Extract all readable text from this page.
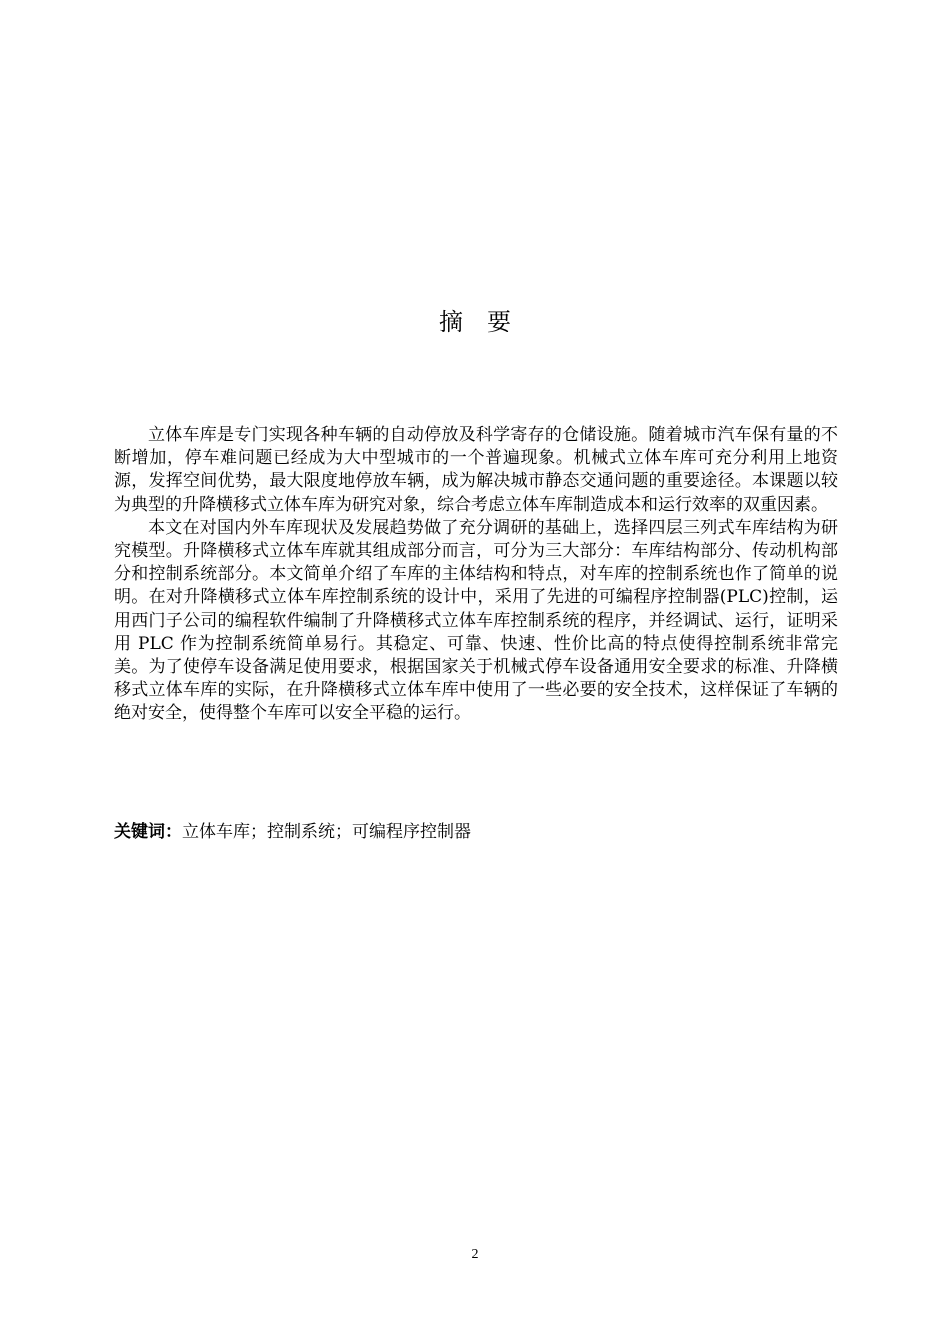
摘要

立体车库是专门实现各种车辆的自动停放及科学寄存的仓储设施。随着城市汽车保有量的不断增加，停车难问题已经成为大中型城市的一个普遍现象。机械式立体车库可充分利用上地资源，发挥空间优势，最大限度地停放车辆，成为解决城市静态交通问题的重要途径。本课题以较为典型的升降横移式立体车库为研究对象，综合考虑立体车库制造成本和运行效率的双重因素。

本文在对国内外车库现状及发展趋势做了充分调研的基础上，选择四层三列式车库结构为研究模型。升降横移式立体车库就其组成部分而言，可分为三大部分：车库结构部分、传动机构部分和控制系统部分。本文简单介绍了车库的主体结构和特点，对车库的控制系统也作了简单的说明。在对升降横移式立体车库控制系统的设计中，采用了先进的可编程序控制器(PLC)控制，运用西门子公司的编程软件编制了升降横移式立体车库控制系统的程序，并经调试、运行，证明采用 PLC 作为控制系统简单易行。其稳定、可靠、快速、性价比高的特点使得控制系统非常完美。为了使停车设备满足使用要求，根据国家关于机械式停车设备通用安全要求的标准、升降横移式立体车库的实际，在升降横移式立体车库中使用了一些必要的安全技术，这样保证了车辆的绝对安全，使得整个车库可以安全平稳的运行。

关键词：立体车库；控制系统；可编程序控制器
2
